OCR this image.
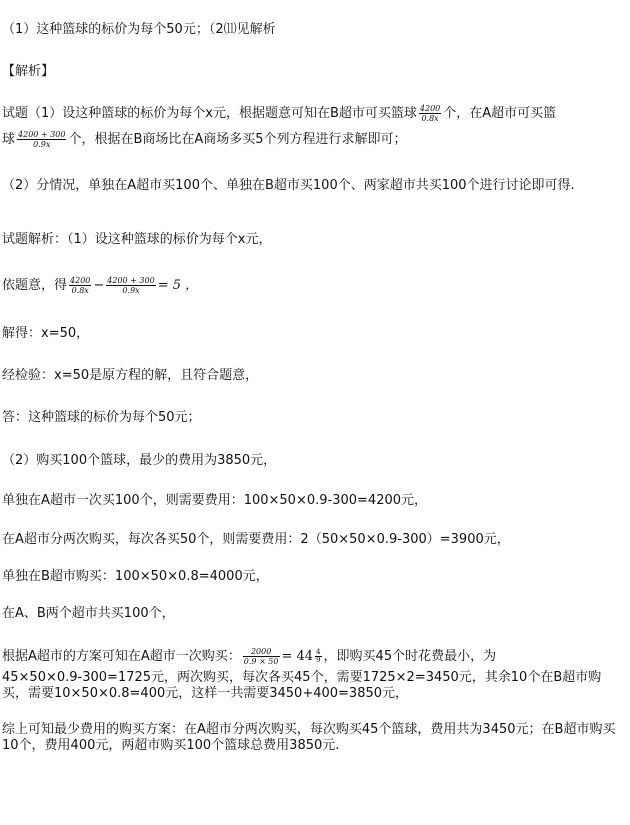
（1）这种篮球的标价为每个50元；（2⑾见解析
【解析】
试题（1）设这种篮球的标价为每个x元，根据题意可知在B超市可买篮球 $\frac{4200}{0.8x}$ 个，在A超市可买篮
球 $\frac{4200 + 300}{0.9x}$ 个，根据在B商场比在A商场多买5个列方程进行求解即可；
（2）分情况，单独在A超市买100个、单独在B超市买100个、两家超市共买100个进行讨论即可得.
试题解析：（1）设这种篮球的标价为每个x元，
依题意，得 $\frac{4200}{0.8x} - \frac{4200 + 300}{0.9x} = 5$ ，
解得：x=50，
经检验：x=50是原方程的解，且符合题意，
答：这种篮球的标价为每个50元；
（2）购买100个篮球，最少的费用为3850元，
单独在A超市一次买100个，则需要费用：100×50×0.9-300=4200元，
在A超市分两次购买，每次各买50个，则需要费用：2（50×50×0.9-300）=3900元，
单独在B超市购买：100×50×0.8=4000元，
在A、B两个超市共买100个，
根据A超市的方案可知在A超市一次购买： $\frac{2000}{0.9 \times 50} = 44 \frac{4}{9}$ ，即购买45个时花费最小，为
45×50×0.9-300=1725元，两次购买，每次各买45个，需要1725×2=3450元，其余10个在B超市购买，需要10×50×0.8=400元，这样一共需要3450+400=3850元，
综上可知最少费用的购买方案：在A超市分两次购买，每次购买45个篮球，费用共为3450元；在B超市购买10个，费用400元，两超市购买100个篮球总费用3850元.
